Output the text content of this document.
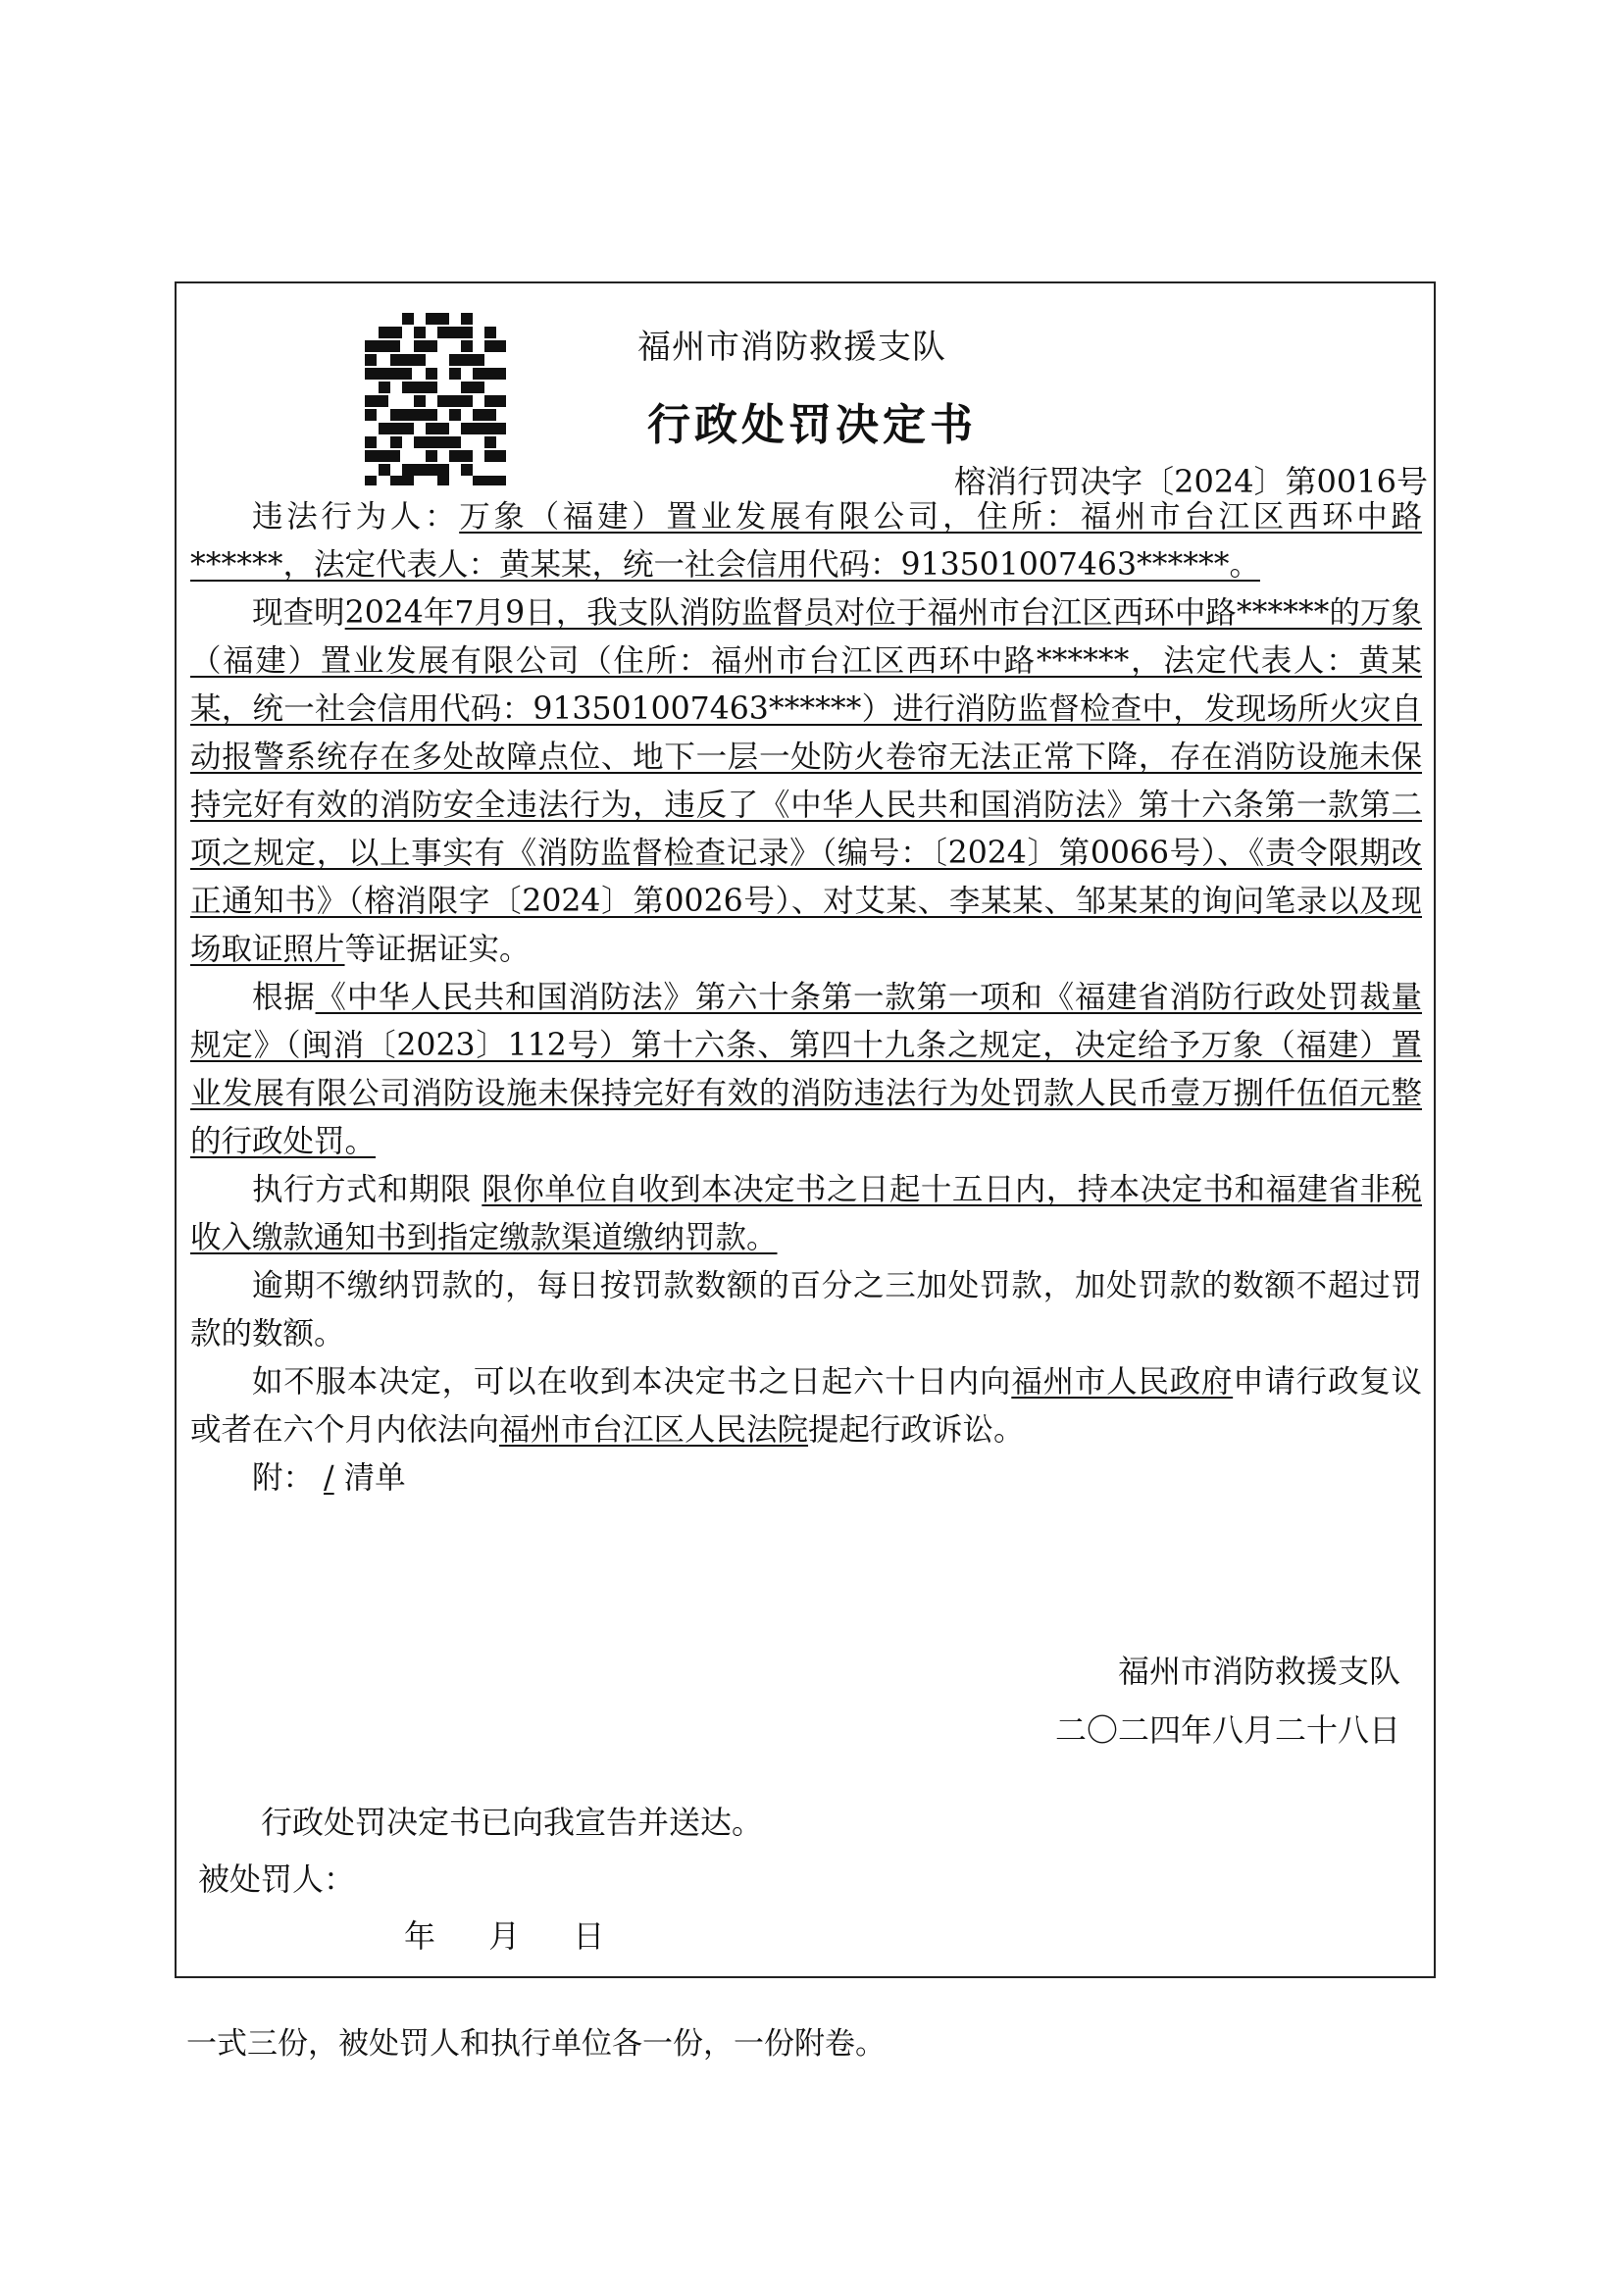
福州市消防救援支队
行政处罚决定书
榕消行罚决字〔2024〕第0016号

违法行为人：万象（福建）置业发展有限公司，住所：福州市台江区西环中路******，法定代表人：黄某某，统一社会信用代码：913501007463******。

现查明2024年7月9日，我支队消防监督员对位于福州市台江区西环中路******的万象（福建）置业发展有限公司（住所：福州市台江区西环中路******，法定代表人：黄某某，统一社会信用代码：913501007463******）进行消防监督检查中，发现场所火灾自动报警系统存在多处故障点位、地下一层一处防火卷帘无法正常下降，存在消防设施未保持完好有效的消防安全违法行为，违反了《中华人民共和国消防法》第十六条第一款第二项之规定，以上事实有《消防监督检查记录》（编号：〔2024〕第0066号）、《责令限期改正通知书》（榕消限字〔2024〕第0026号）、对艾某、李某某、邹某某的询问笔录以及现场取证照片等证据证实。

根据《中华人民共和国消防法》第六十条第一款第一项和《福建省消防行政处罚裁量规定》（闽消〔2023〕112号）第十六条、第四十九条之规定，决定给予万象（福建）置业发展有限公司消防设施未保持完好有效的消防违法行为处罚款人民币壹万捌仟伍佰元整的行政处罚。

执行方式和期限 限你单位自收到本决定书之日起十五日内，持本决定书和福建省非税收入缴款通知书到指定缴款渠道缴纳罚款。

逾期不缴纳罚款的，每日按罚款数额的百分之三加处罚款，加处罚款的数额不超过罚款的数额。

如不服本决定，可以在收到本决定书之日起六十日内向福州市人民政府申请行政复议或者在六个月内依法向福州市台江区人民法院提起行政诉讼。

附： / 清单

福州市消防救援支队
二〇二四年八月二十八日
行政处罚决定书已向我宣告并送达。
被处罚人：
年 月 日
一式三份，被处罚人和执行单位各一份，一份附卷。
